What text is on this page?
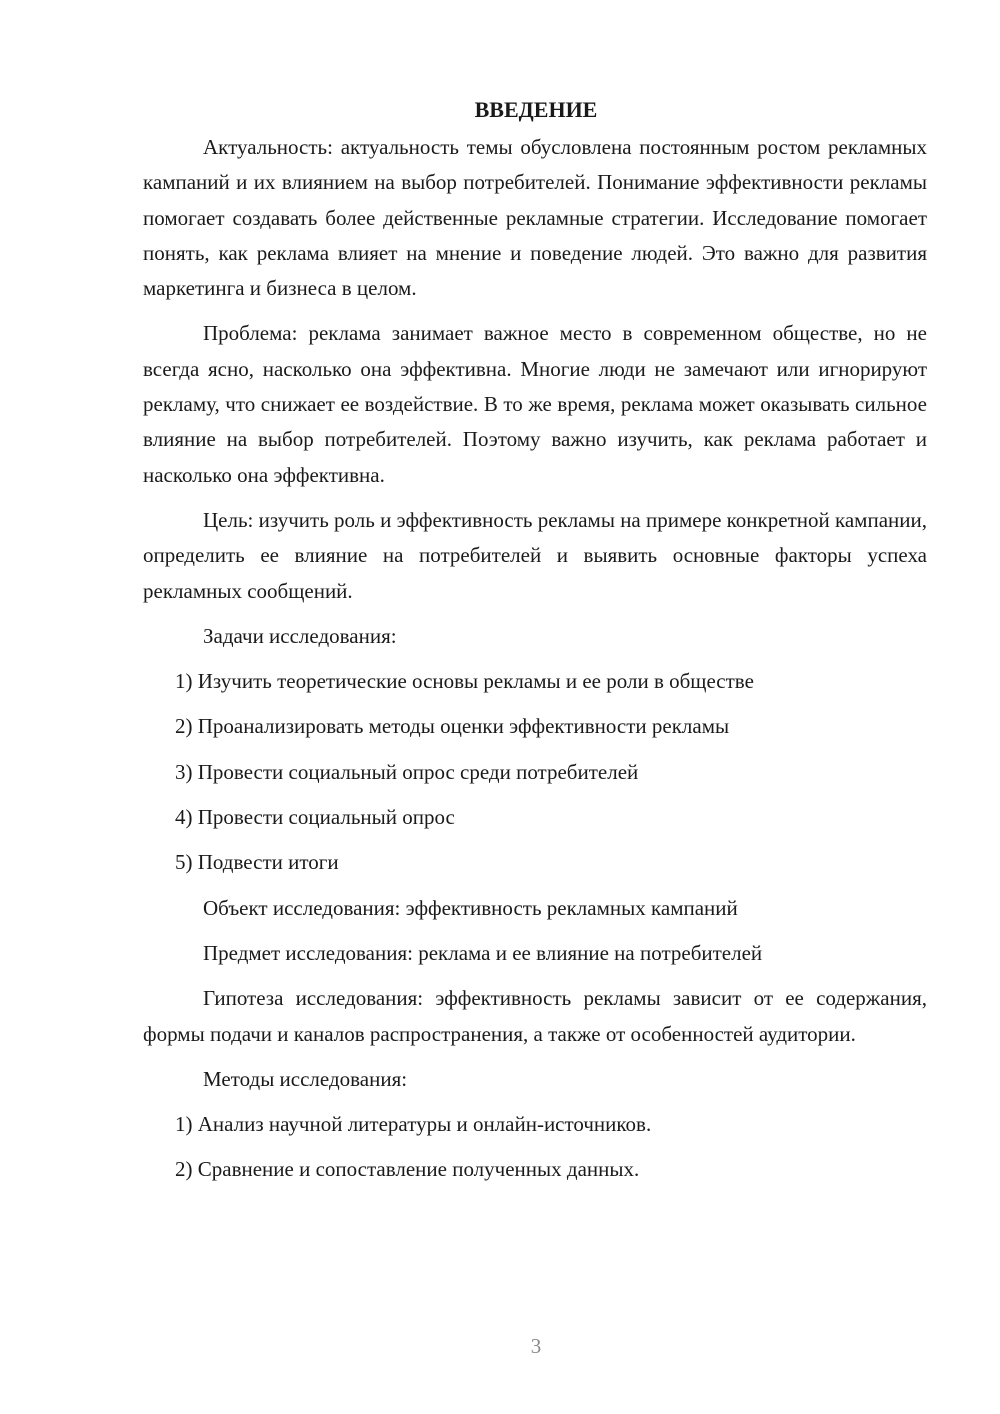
ВВЕДЕНИЕ

Актуальность: актуальность темы обусловлена постоянным ростом рекламных кампаний и их влиянием на выбор потребителей. Понимание эффективности рекламы помогает создавать более действенные рекламные стратегии. Исследование помогает понять, как реклама влияет на мнение и поведение людей. Это важно для развития маркетинга и бизнеса в целом.

Проблема: реклама занимает важное место в современном обществе, но не всегда ясно, насколько она эффективна. Многие люди не замечают или игнорируют рекламу, что снижает ее воздействие. В то же время, реклама может оказывать сильное влияние на выбор потребителей. Поэтому важно изучить, как реклама работает и насколько она эффективна.

Цель: изучить роль и эффективность рекламы на примере конкретной кампании, определить ее влияние на потребителей и выявить основные факторы успеха рекламных сообщений.

Задачи исследования:

1) Изучить теоретические основы рекламы и ее роли в обществе

2) Проанализировать методы оценки эффективности рекламы

3) Провести социальный опрос среди потребителей

4) Провести социальный опрос

5) Подвести итоги

Объект исследования: эффективность рекламных кампаний

Предмет исследования: реклама и ее влияние на потребителей

Гипотеза исследования: эффективность рекламы зависит от ее содержания, формы подачи и каналов распространения, а также от особенностей аудитории.

Методы исследования:

1) Анализ научной литературы и онлайн-источников.

2) Сравнение и сопоставление полученных данных.

3
